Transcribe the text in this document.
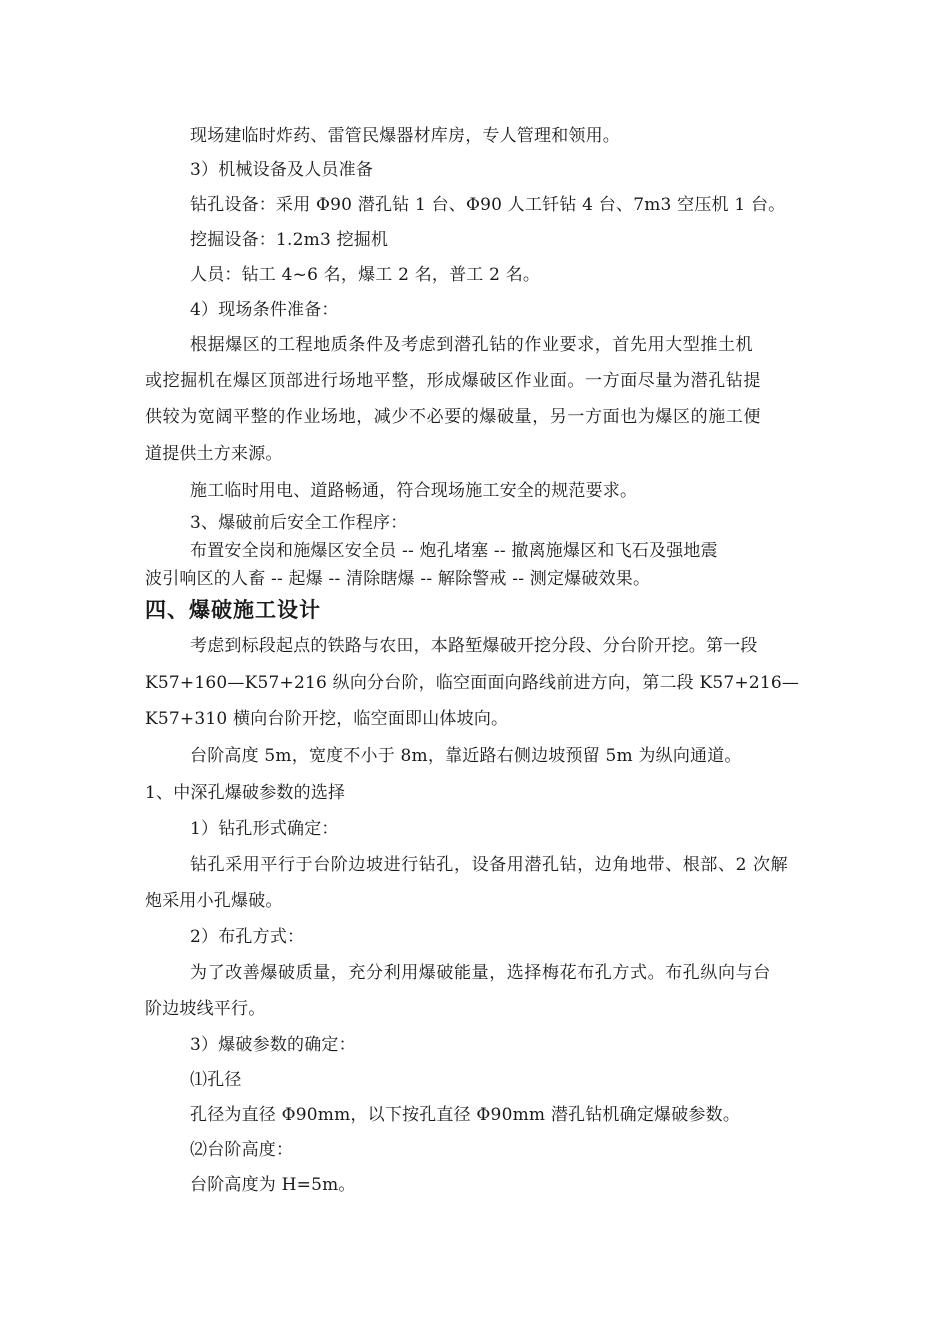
现场建临时炸药、雷管民爆器材库房，专人管理和领用。
3）机械设备及人员准备
钻孔设备：采用 Φ90 潜孔钻 1 台、Φ90 人工钎钻 4 台、7m3 空压机 1 台。
挖掘设备：1.2m3 挖掘机
人员：钻工 4~6 名，爆工 2 名，普工 2 名。
4）现场条件准备：
根据爆区的工程地质条件及考虑到潜孔钻的作业要求，首先用大型推土机
或挖掘机在爆区顶部进行场地平整，形成爆破区作业面。一方面尽量为潜孔钻提
供较为宽阔平整的作业场地，减少不必要的爆破量，另一方面也为爆区的施工便
道提供土方来源。
施工临时用电、道路畅通，符合现场施工安全的规范要求。
3、爆破前后安全工作程序：
布置安全岗和施爆区安全员 -- 炮孔堵塞 -- 撤离施爆区和飞石及强地震
波引响区的人畜 -- 起爆 -- 清除瞎爆 -- 解除警戒 -- 测定爆破效果。
四、爆破施工设计
考虑到标段起点的铁路与农田，本路堑爆破开挖分段、分台阶开挖。第一段
K57+160—K57+216 纵向分台阶，临空面面向路线前进方向，第二段 K57+216—
K57+310 横向台阶开挖，临空面即山体坡向。
台阶高度 5m，宽度不小于 8m，靠近路右侧边坡预留 5m 为纵向通道。
1、中深孔爆破参数的选择
1）钻孔形式确定：
钻孔采用平行于台阶边坡进行钻孔，设备用潜孔钻，边角地带、根部、2 次解
炮采用小孔爆破。
2）布孔方式：
为了改善爆破质量，充分利用爆破能量，选择梅花布孔方式。布孔纵向与台
阶边坡线平行。
3）爆破参数的确定：
⑴孔径
孔径为直径 Φ90mm，以下按孔直径 Φ90mm 潜孔钻机确定爆破参数。
⑵台阶高度：
台阶高度为 H=5m。
